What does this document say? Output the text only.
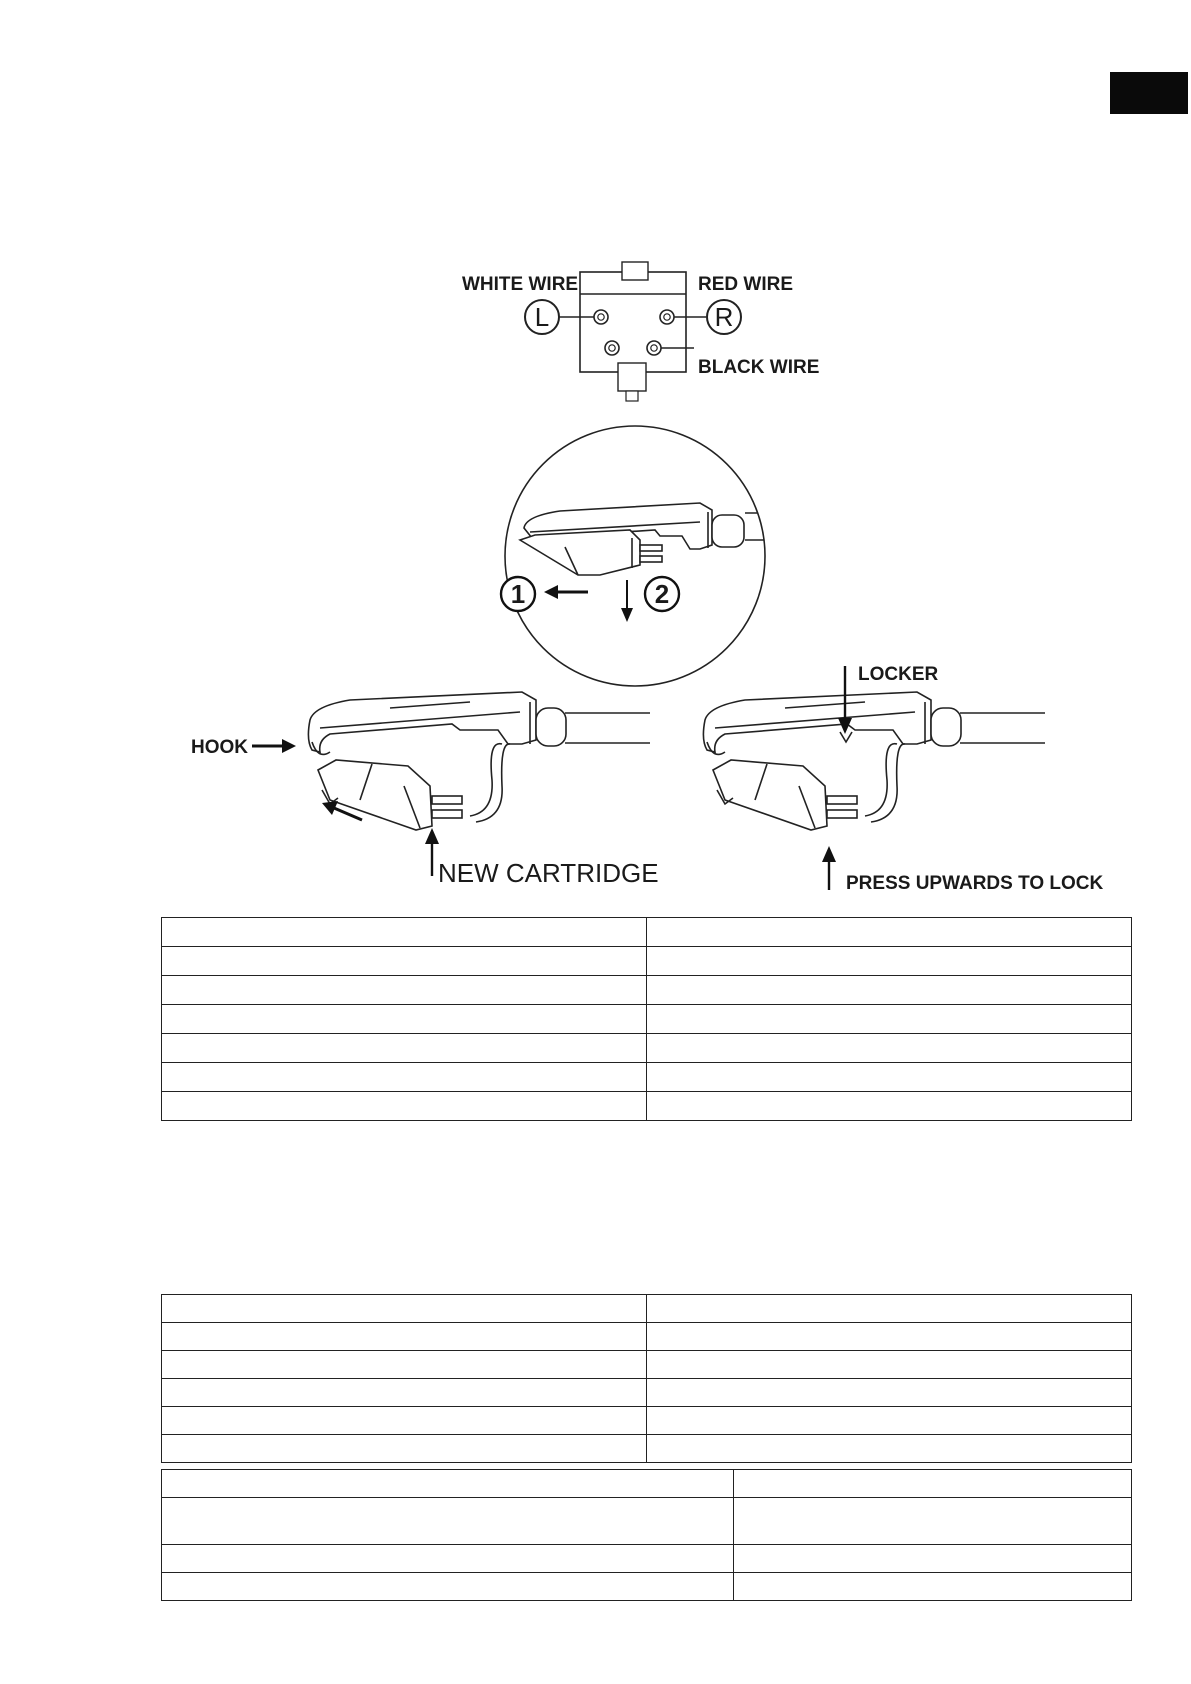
L	R
WHITE WIRE	RED WIRE
BLACK WIRE
1	2
HOOK
NEW CARTRIDGE
LOCKER
PRESS UPWARDS TO LOCK
